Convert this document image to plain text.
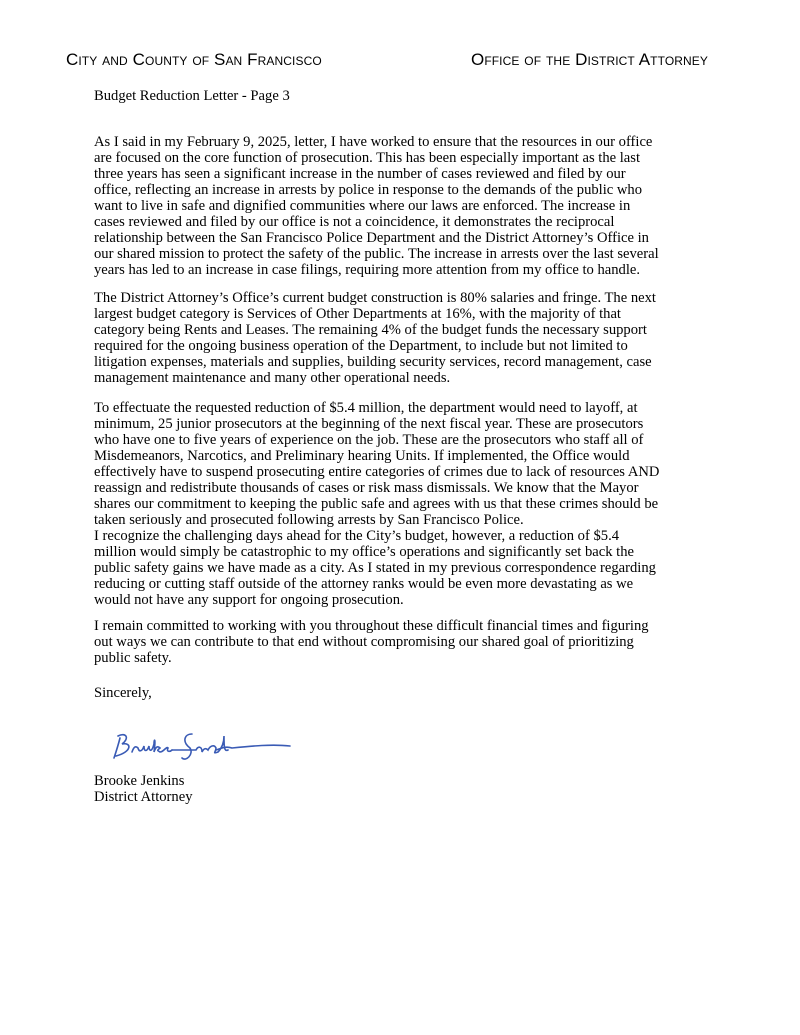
City and County of San Francisco	Office of the District Attorney
Budget Reduction Letter - Page 3
As I said in my February 9, 2025, letter, I have worked to ensure that the resources in our office
are focused on the core function of prosecution. This has been especially important as the last
three years has seen a significant increase in the number of cases reviewed and filed by our
office, reflecting an increase in arrests by police in response to the demands of the public who
want to live in safe and dignified communities where our laws are enforced. The increase in
cases reviewed and filed by our office is not a coincidence, it demonstrates the reciprocal
relationship between the San Francisco Police Department and the District Attorney’s Office in
our shared mission to protect the safety of the public. The increase in arrests over the last several
years has led to an increase in case filings, requiring more attention from my office to handle.
The District Attorney’s Office’s current budget construction is 80% salaries and fringe. The next
largest budget category is Services of Other Departments at 16%, with the majority of that
category being Rents and Leases. The remaining 4% of the budget funds the necessary support
required for the ongoing business operation of the Department, to include but not limited to
litigation expenses, materials and supplies, building security services, record management, case
management maintenance and many other operational needs.
To effectuate the requested reduction of $5.4 million, the department would need to layoff, at
minimum, 25 junior prosecutors at the beginning of the next fiscal year. These are prosecutors
who have one to five years of experience on the job. These are the prosecutors who staff all of
Misdemeanors, Narcotics, and Preliminary hearing Units. If implemented, the Office would
effectively have to suspend prosecuting entire categories of crimes due to lack of resources AND
reassign and redistribute thousands of cases or risk mass dismissals. We know that the Mayor
shares our commitment to keeping the public safe and agrees with us that these crimes should be
taken seriously and prosecuted following arrests by San Francisco Police.
I recognize the challenging days ahead for the City’s budget, however, a reduction of $5.4
million would simply be catastrophic to my office’s operations and significantly set back the
public safety gains we have made as a city. As I stated in my previous correspondence regarding
reducing or cutting staff outside of the attorney ranks would be even more devastating as we
would not have any support for ongoing prosecution.
I remain committed to working with you throughout these difficult financial times and figuring
out ways we can contribute to that end without compromising our shared goal of prioritizing
public safety.
Sincerely,
Brooke Jenkins
District Attorney
